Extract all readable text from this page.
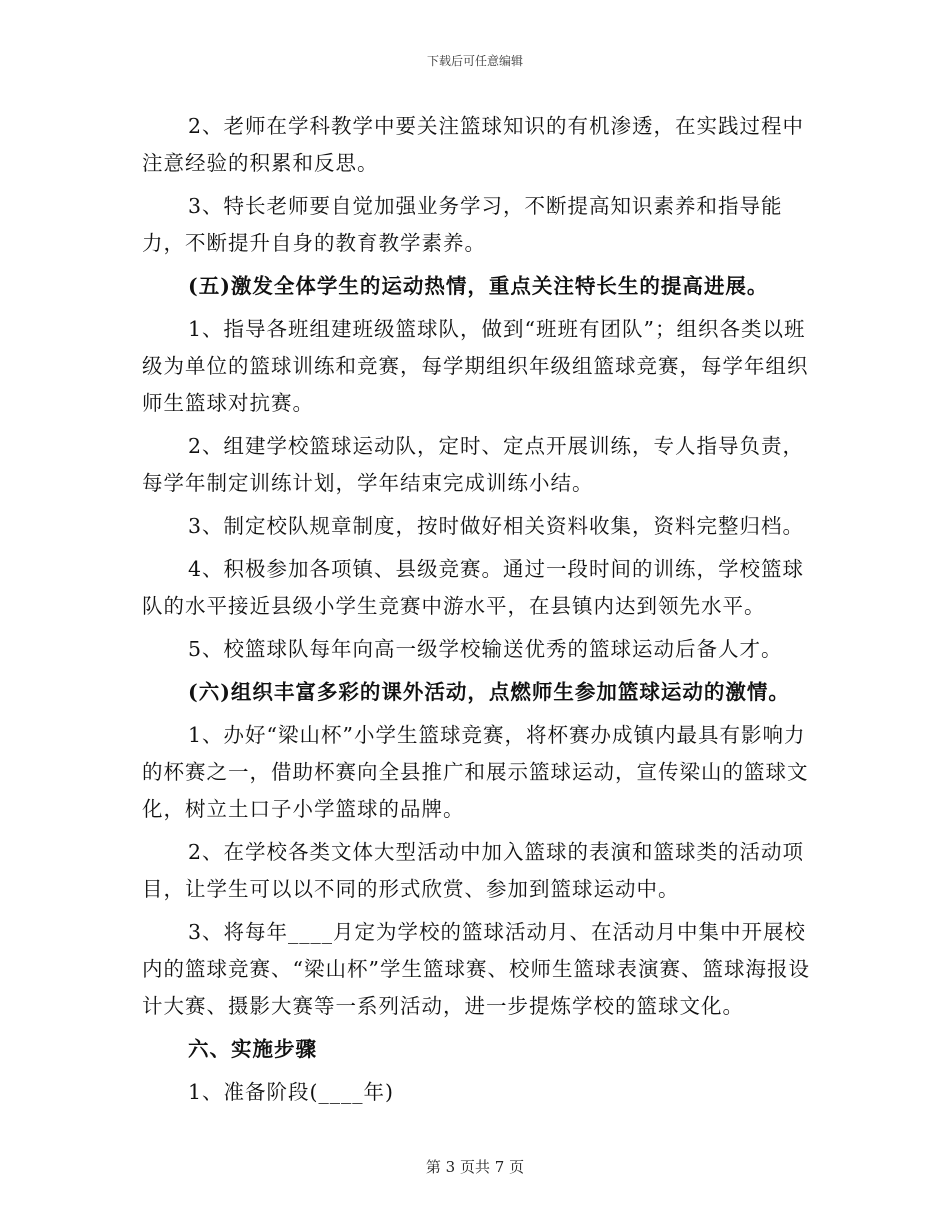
下载后可任意编辑

2、老师在学科教学中要关注篮球知识的有机渗透，在实践过程中注意经验的积累和反思。

3、特长老师要自觉加强业务学习，不断提高知识素养和指导能力，不断提升自身的教育教学素养。

(五)激发全体学生的运动热情，重点关注特长生的提高进展。

1、指导各班组建班级篮球队，做到“班班有团队”；组织各类以班级为单位的篮球训练和竞赛，每学期组织年级组篮球竞赛，每学年组织师生篮球对抗赛。

2、组建学校篮球运动队，定时、定点开展训练，专人指导负责，每学年制定训练计划，学年结束完成训练小结。

3、制定校队规章制度，按时做好相关资料收集，资料完整归档。

4、积极参加各项镇、县级竞赛。通过一段时间的训练，学校篮球队的水平接近县级小学生竞赛中游水平，在县镇内达到领先水平。

5、校篮球队每年向高一级学校输送优秀的篮球运动后备人才。

(六)组织丰富多彩的课外活动，点燃师生参加篮球运动的激情。

1、办好“梁山杯”小学生篮球竞赛，将杯赛办成镇内最具有影响力的杯赛之一，借助杯赛向全县推广和展示篮球运动，宣传梁山的篮球文化，树立土口子小学篮球的品牌。

2、在学校各类文体大型活动中加入篮球的表演和篮球类的活动项目，让学生可以以不同的形式欣赏、参加到篮球运动中。

3、将每年____月定为学校的篮球活动月、在活动月中集中开展校内的篮球竞赛、“梁山杯”学生篮球赛、校师生篮球表演赛、篮球海报设计大赛、摄影大赛等一系列活动，进一步提炼学校的篮球文化。

六、实施步骤

1、准备阶段(____年)

第 3 页共 7 页
